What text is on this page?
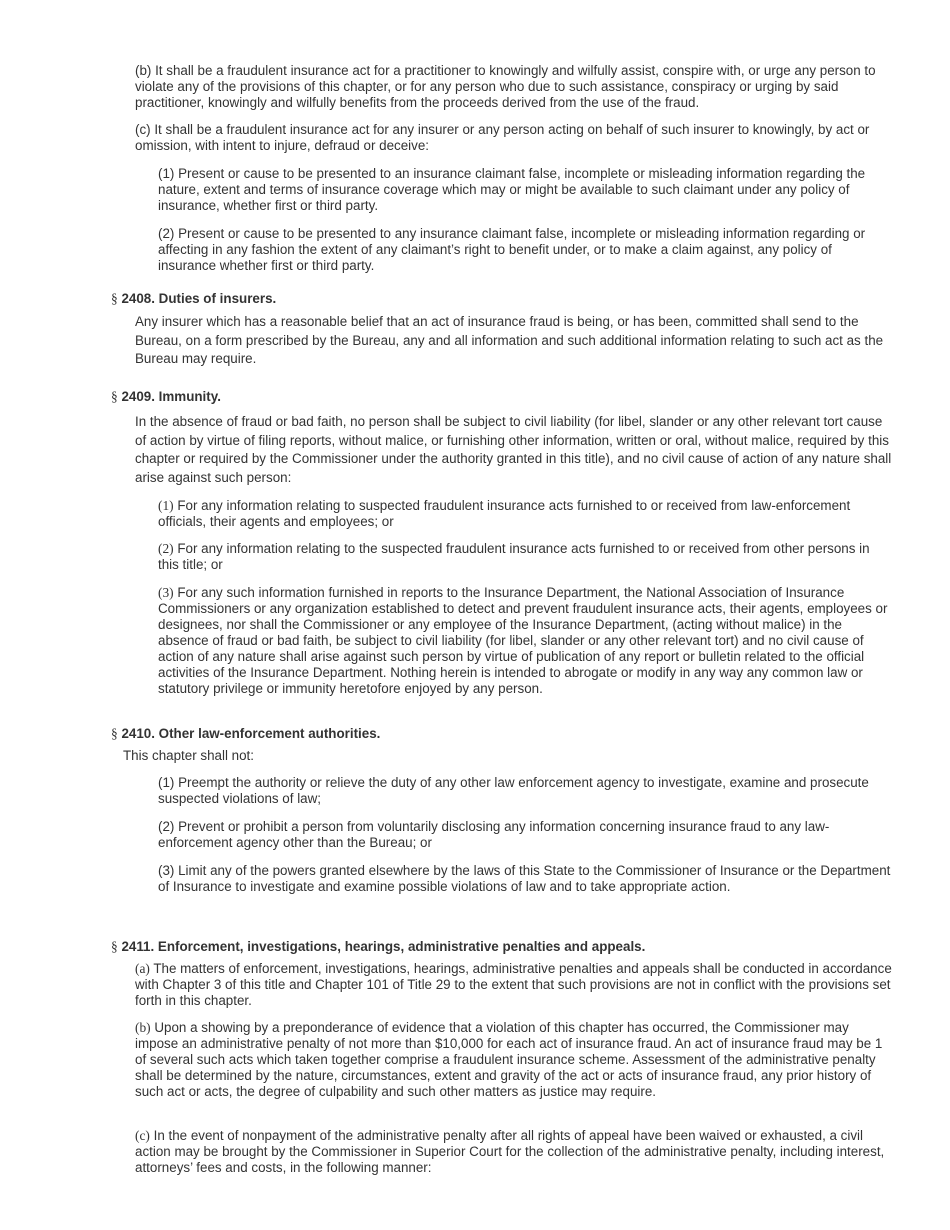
(b) It shall be a fraudulent insurance act for a practitioner to knowingly and wilfully assist, conspire with, or urge any person to violate any of the provisions of this chapter, or for any person who due to such assistance, conspiracy or urging by said practitioner, knowingly and wilfully benefits from the proceeds derived from the use of the fraud.

(c) It shall be a fraudulent insurance act for any insurer or any person acting on behalf of such insurer to knowingly, by act or omission, with intent to injure, defraud or deceive:

(1) Present or cause to be presented to an insurance claimant false, incomplete or misleading information regarding the nature, extent and terms of insurance coverage which may or might be available to such claimant under any policy of insurance, whether first or third party.

(2) Present or cause to be presented to any insurance claimant false, incomplete or misleading information regarding or affecting in any fashion the extent of any claimant’s right to benefit under, or to make a claim against, any policy of insurance whether first or third party.

§ 2408. Duties of insurers.

Any insurer which has a reasonable belief that an act of insurance fraud is being, or has been, committed shall send to the Bureau, on a form prescribed by the Bureau, any and all information and such additional information relating to such act as the Bureau may require.

§ 2409. Immunity.

In the absence of fraud or bad faith, no person shall be subject to civil liability (for libel, slander or any other relevant tort cause of action by virtue of filing reports, without malice, or furnishing other information, written or oral, without malice, required by this chapter or required by the Commissioner under the authority granted in this title), and no civil cause of action of any nature shall arise against such person:

(1) For any information relating to suspected fraudulent insurance acts furnished to or received from law-enforcement officials, their agents and employees; or

(2) For any information relating to the suspected fraudulent insurance acts furnished to or received from other persons in this title; or

(3) For any such information furnished in reports to the Insurance Department, the National Association of Insurance Commissioners or any organization established to detect and prevent fraudulent insurance acts, their agents, employees or designees, nor shall the Commissioner or any employee of the Insurance Department, (acting without malice) in the absence of fraud or bad faith, be subject to civil liability (for libel, slander or any other relevant tort) and no civil cause of action of any nature shall arise against such person by virtue of publication of any report or bulletin related to the official activities of the Insurance Department. Nothing herein is intended to abrogate or modify in any way any common law or statutory privilege or immunity heretofore enjoyed by any person.

§ 2410. Other law-enforcement authorities.

This chapter shall not:

(1) Preempt the authority or relieve the duty of any other law enforcement agency to investigate, examine and prosecute suspected violations of law;

(2) Prevent or prohibit a person from voluntarily disclosing any information concerning insurance fraud to any law-enforcement agency other than the Bureau; or

(3) Limit any of the powers granted elsewhere by the laws of this State to the Commissioner of Insurance or the Department of Insurance to investigate and examine possible violations of law and to take appropriate action.

§ 2411. Enforcement, investigations, hearings, administrative penalties and appeals.

(a) The matters of enforcement, investigations, hearings, administrative penalties and appeals shall be conducted in accordance with Chapter 3 of this title and Chapter 101 of Title 29 to the extent that such provisions are not in conflict with the provisions set forth in this chapter.

(b) Upon a showing by a preponderance of evidence that a violation of this chapter has occurred, the Commissioner may impose an administrative penalty of not more than $10,000 for each act of insurance fraud. An act of insurance fraud may be 1 of several such acts which taken together comprise a fraudulent insurance scheme. Assessment of the administrative penalty shall be determined by the nature, circumstances, extent and gravity of the act or acts of insurance fraud, any prior history of such act or acts, the degree of culpability and such other matters as justice may require.

(c) In the event of nonpayment of the administrative penalty after all rights of appeal have been waived or exhausted, a civil action may be brought by the Commissioner in Superior Court for the collection of the administrative penalty, including interest, attorneys’ fees and costs, in the following manner:
